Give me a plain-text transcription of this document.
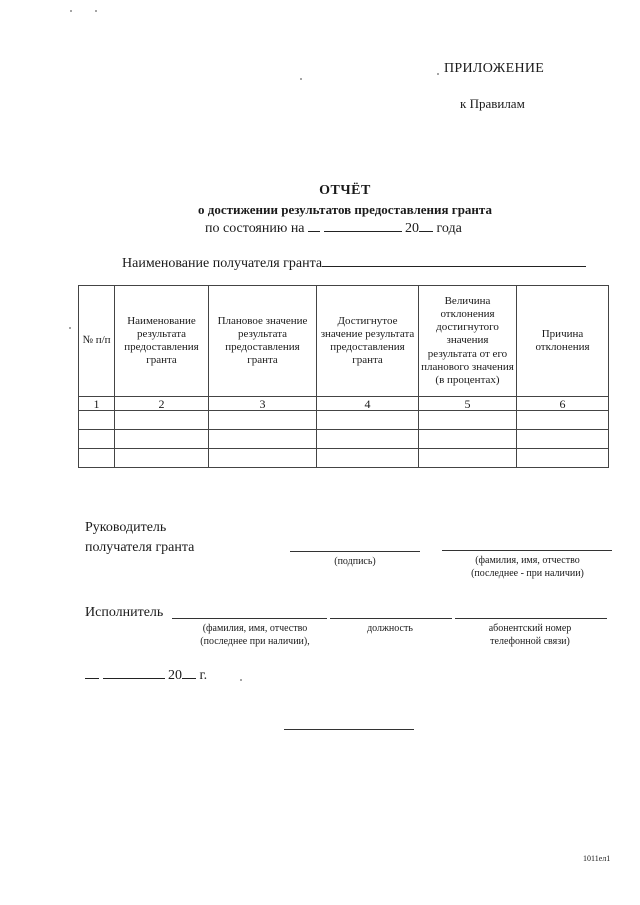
ПРИЛОЖЕНИЕ
к Правилам
ОТЧЁТ
о достижении результатов предоставления гранта
по состоянию на	20 года
Наименование получателя гранта
№ п/п	Наименование результата предоставления гранта	Плановое значение результата предоставления гранта	Достигнутое значение результата предоставления гранта	Величина отклонения достигнутого значения результата от его планового значения (в процентах)	Причина отклонения
1	2	3	4	5	6

Руководитель
получателя гранта
(подпись)	(фамилия, имя, отчество
(последнее - при наличии)
Исполнитель
(фамилия, имя, отчество
(последнее при наличии),
должность	абонентский номер
телефонной связи)
20 г.
1011ел1
